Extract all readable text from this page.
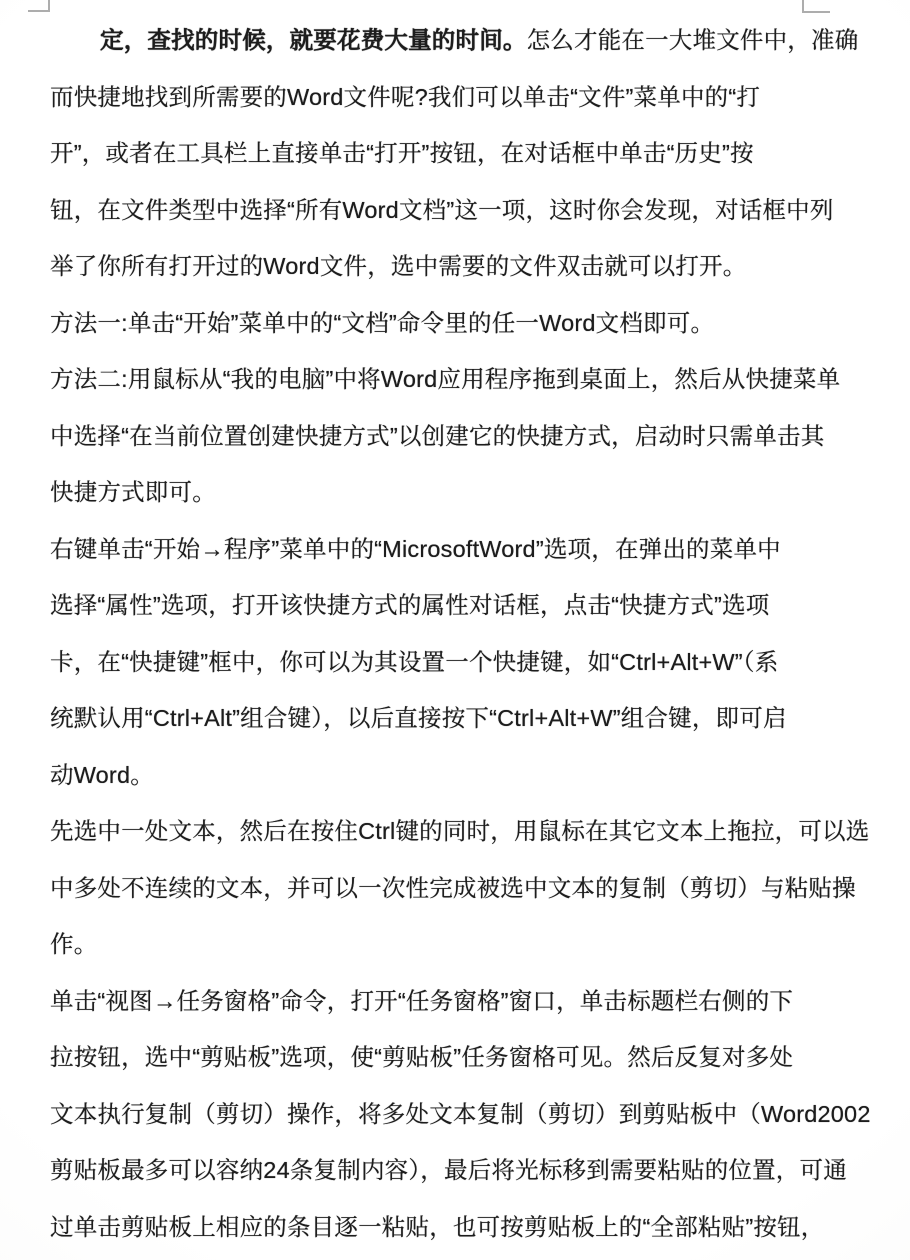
定，查找的时候，就要花费大量的时间。怎么才能在一大堆文件中，准确
而快捷地找到所需要的Word文件呢?我们可以单击“文件”菜单中的“打
开”，或者在工具栏上直接单击“打开”按钮，在对话框中单击“历史”按
钮，在文件类型中选择“所有Word文档”这一项，这时你会发现，对话框中列
举了你所有打开过的Word文件，选中需要的文件双击就可以打开。
方法一:单击“开始”菜单中的“文档”命令里的任一Word文档即可。
方法二:用鼠标从“我的电脑”中将Word应用程序拖到桌面上，然后从快捷菜单
中选择“在当前位置创建快捷方式”以创建它的快捷方式，启动时只需单击其
快捷方式即可。
右键单击“开始→程序”菜单中的“MicrosoftWord”选项，在弹出的菜单中
选择“属性”选项，打开该快捷方式的属性对话框，点击“快捷方式”选项
卡，在“快捷键”框中，你可以为其设置一个快捷键，如“Ctrl+Alt+W”（系
统默认用“Ctrl+Alt”组合键），以后直接按下“Ctrl+Alt+W”组合键，即可启
动Word。
先选中一处文本，然后在按住Ctrl键的同时，用鼠标在其它文本上拖拉，可以选
中多处不连续的文本，并可以一次性完成被选中文本的复制（剪切）与粘贴操
作。
单击“视图→任务窗格”命令，打开“任务窗格”窗口，单击标题栏右侧的下
拉按钮，选中“剪贴板”选项，使“剪贴板”任务窗格可见。然后反复对多处
文本执行复制（剪切）操作，将多处文本复制（剪切）到剪贴板中（Word2002
剪贴板最多可以容纳24条复制内容），最后将光标移到需要粘贴的位置，可通
过单击剪贴板上相应的条目逐一粘贴，也可按剪贴板上的“全部粘贴”按钮，
